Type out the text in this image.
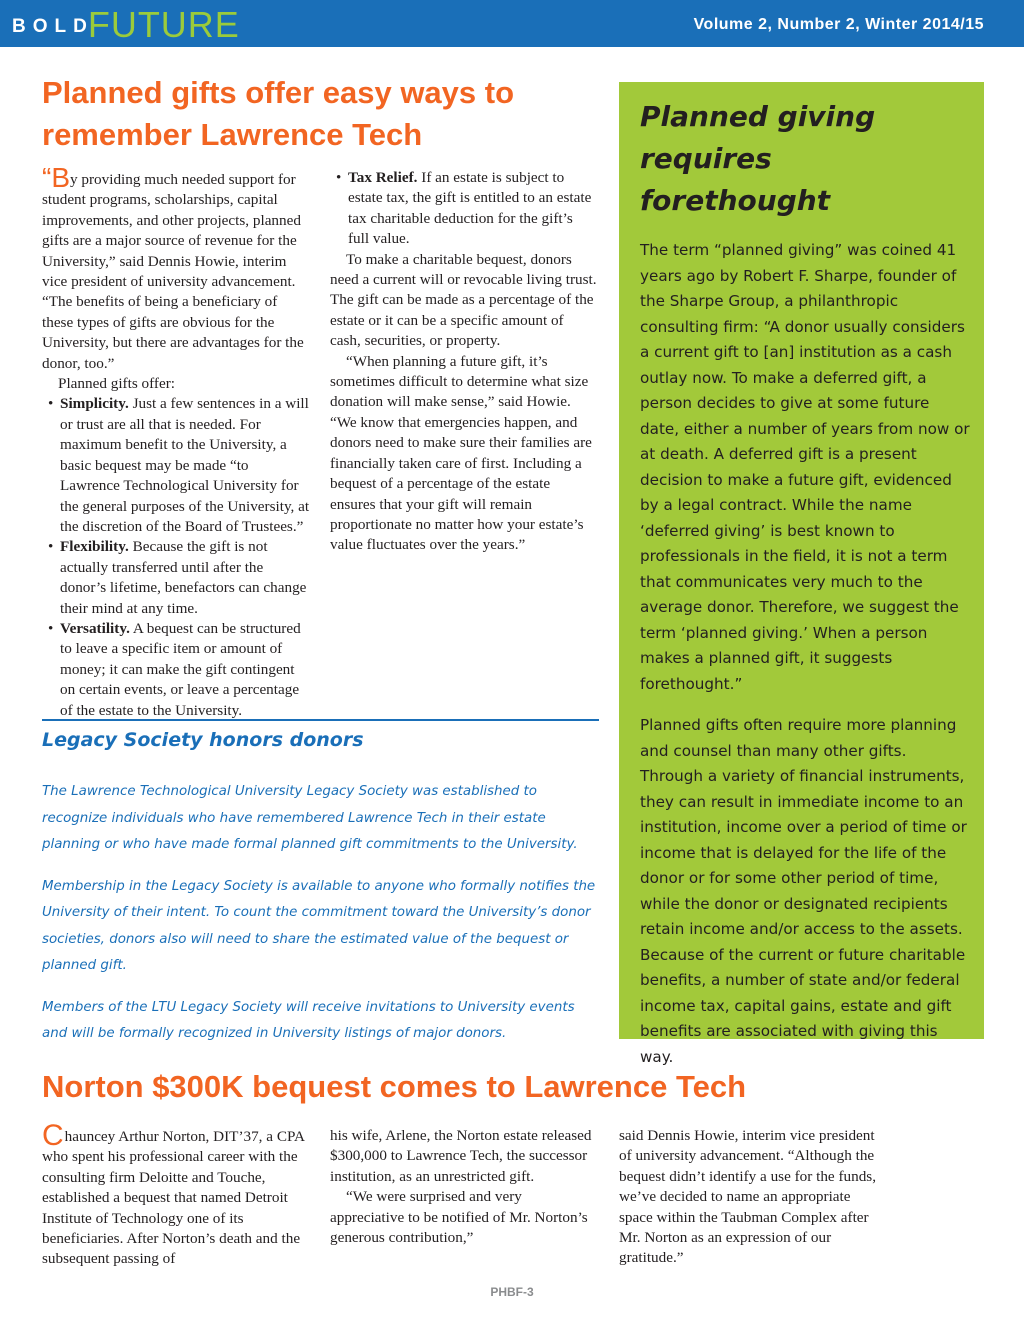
BOLDFUTURE	Volume 2, Number 2, Winter 2014/15
Planned gifts offer easy ways to remember Lawrence Tech

“By providing much needed support for student programs, scholarships, capital improvements, and other projects, planned gifts are a major source of revenue for the University,” said Dennis Howie, interim vice president of university advancement. “The benefits of being a beneficiary of these types of gifts are obvious for the University, but there are advantages for the donor, too.”

Planned gifts offer:

• Simplicity. Just a few sentences in a will or trust are all that is needed. For maximum benefit to the University, a basic bequest may be made “to Lawrence Technological University for the general purposes of the University, at the discretion of the Board of Trustees.”
• Flexibility. Because the gift is not actually transferred until after the donor’s lifetime, benefactors can change their mind at any time.
• Versatility. A bequest can be structured to leave a specific item or amount of money; it can make the gift contingent on certain events, or leave a percentage of the estate to the University.
• Tax Relief. If an estate is subject to estate tax, the gift is entitled to an estate tax charitable deduction for the gift’s full value.

To make a charitable bequest, donors need a current will or revocable living trust. The gift can be made as a percentage of the estate or it can be a specific amount of cash, securities, or property.

“When planning a future gift, it’s sometimes difficult to determine what size donation will make sense,” said Howie. “We know that emergencies happen, and donors need to make sure their families are financially taken care of first. Including a bequest of a percentage of the estate ensures that your gift will remain proportionate no matter how your estate’s value fluctuates over the years.”

Legacy Society honors donors

The Lawrence Technological University Legacy Society was established to recognize individuals who have remembered Lawrence Tech in their estate planning or who have made formal planned gift commitments to the University.

Membership in the Legacy Society is available to anyone who formally notifies the University of their intent. To count the commitment toward the University’s donor societies, donors also will need to share the estimated value of the bequest or planned gift.

Members of the LTU Legacy Society will receive invitations to University events and will be formally recognized in University listings of major donors.

Planned giving requires forethought

The term “planned giving” was coined 41 years ago by Robert F. Sharpe, founder of the Sharpe Group, a philanthropic consulting firm: “A donor usually considers a current gift to [an] institution as a cash outlay now. To make a deferred gift, a person decides to give at some future date, either a number of years from now or at death. A deferred gift is a present decision to make a future gift, evidenced by a legal contract. While the name ‘deferred giving’ is best known to professionals in the field, it is not a term that communicates very much to the average donor. Therefore, we suggest the term ‘planned giving.’ When a person makes a planned gift, it suggests forethought.”

Planned gifts often require more planning and counsel than many other gifts. Through a variety of financial instruments, they can result in immediate income to an institution, income over a period of time or income that is delayed for the life of the donor or for some other period of time, while the donor or designated recipients retain income and/or access to the assets. Because of the current or future charitable benefits, a number of state and/or federal income tax, capital gains, estate and gift benefits are associated with giving this way.

Norton $300K bequest comes to Lawrence Tech

Chauncey Arthur Norton, DIT’37, a CPA who spent his professional career with the consulting firm Deloitte and Touche, established a bequest that named Detroit Institute of Technology one of its beneficiaries. After Norton’s death and the subsequent passing of

his wife, Arlene, the Norton estate released $300,000 to Lawrence Tech, the successor institution, as an unrestricted gift.

“We were surprised and very appreciative to be notified of Mr. Norton’s generous contribution,”

said Dennis Howie, interim vice president of university advancement. “Although the bequest didn’t identify a use for the funds, we’ve decided to name an appropriate space within the Taubman Complex after Mr. Norton as an expression of our gratitude.”

PHBF-3
